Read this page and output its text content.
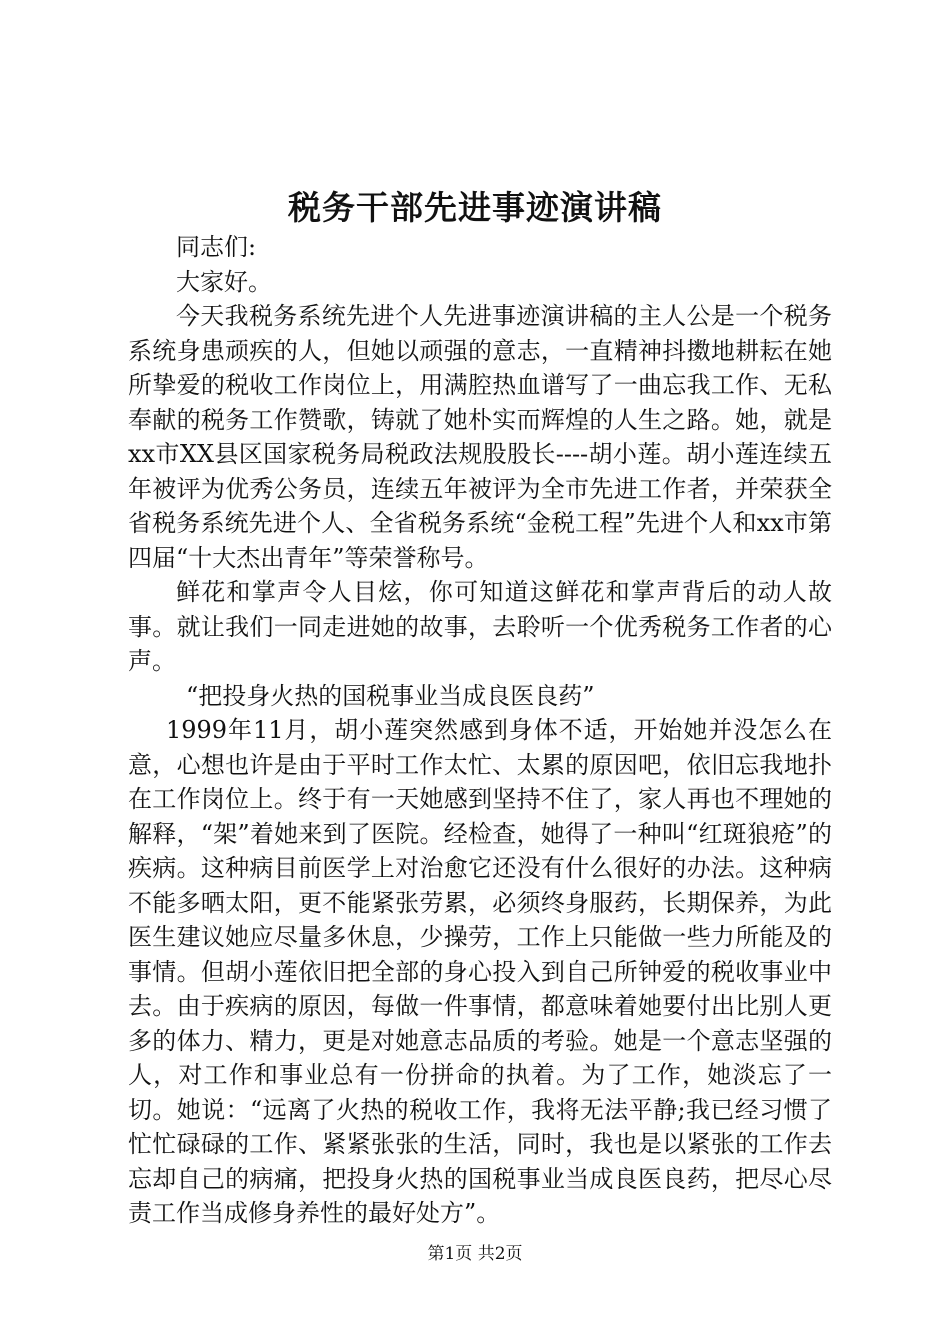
税务干部先进事迹演讲稿

同志们:

大家好。

今天我税务系统先进个人先进事迹演讲稿的主人公是一个税务系统身患顽疾的人，但她以顽强的意志，一直精神抖擞地耕耘在她所挚爱的税收工作岗位上，用满腔热血谱写了一曲忘我工作、无私奉献的税务工作赞歌，铸就了她朴实而辉煌的人生之路。她，就是xx市XX县区国家税务局税政法规股股长----胡小莲。胡小莲连续五年被评为优秀公务员，连续五年被评为全市先进工作者，并荣获全省税务系统先进个人、全省税务系统“金税工程”先进个人和xx市第四届“十大杰出青年”等荣誉称号。

鲜花和掌声令人目炫，你可知道这鲜花和掌声背后的动人故事。就让我们一同走进她的故事，去聆听一个优秀税务工作者的心声。

“把投身火热的国税事业当成良医良药”

1999年11月，胡小莲突然感到身体不适，开始她并没怎么在意，心想也许是由于平时工作太忙、太累的原因吧，依旧忘我地扑在工作岗位上。终于有一天她感到坚持不住了，家人再也不理她的解释，“架”着她来到了医院。经检查，她得了一种叫“红斑狼疮”的疾病。这种病目前医学上对治愈它还没有什么很好的办法。这种病不能多晒太阳，更不能紧张劳累，必须终身服药，长期保养，为此医生建议她应尽量多休息，少操劳，工作上只能做一些力所能及的事情。但胡小莲依旧把全部的身心投入到自己所钟爱的税收事业中去。由于疾病的原因，每做一件事情，都意味着她要付出比别人更多的体力、精力，更是对她意志品质的考验。她是一个意志坚强的人，对工作和事业总有一份拼命的执着。为了工作，她淡忘了一切。她说：“远离了火热的税收工作，我将无法平静;我已经习惯了忙忙碌碌的工作、紧紧张张的生活，同时，我也是以紧张的工作去忘却自己的病痛，把投身火热的国税事业当成良医良药，把尽心尽责工作当成修身养性的最好处方”。

第1页 共2页
